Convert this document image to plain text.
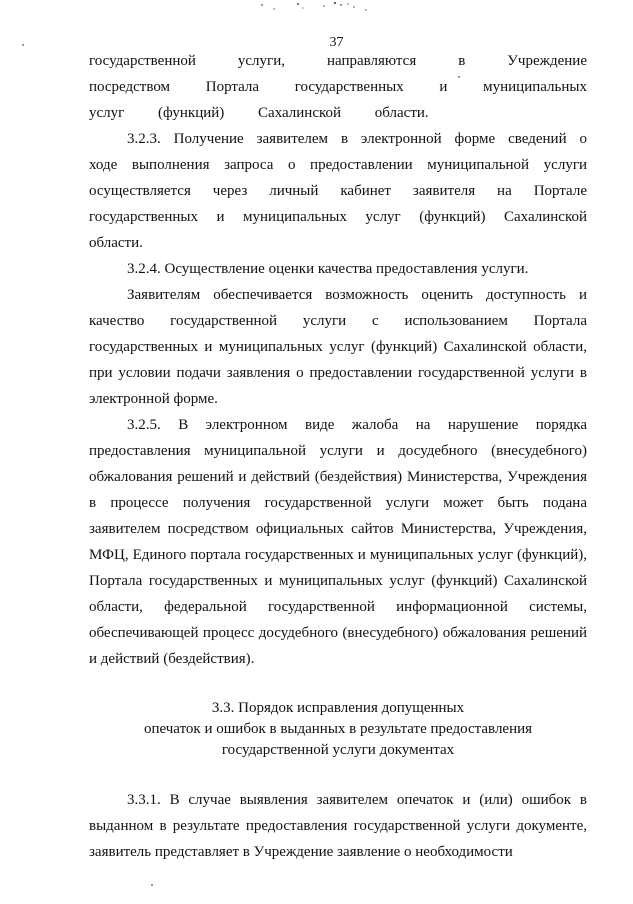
37

государственной услуги, направляются в Учреждение посредством Портала государственных и муниципальных услуг (функций) Сахалинской области.

3.2.3. Получение заявителем в электронной форме сведений о ходе выполнения запроса о предоставлении муниципальной услуги осуществляется через личный кабинет заявителя на Портале государственных и муниципальных услуг (функций) Сахалинской области.

3.2.4. Осуществление оценки качества предоставления услуги.

Заявителям обеспечивается возможность оценить доступность и качество государственной услуги с использованием Портала государственных и муниципальных услуг (функций) Сахалинской области, при условии подачи заявления о предоставлении государственной услуги в электронной форме.

3.2.5. В электронном виде жалоба на нарушение порядка предоставления муниципальной услуги и досудебного (внесудебного) обжалования решений и действий (бездействия) Министерства, Учреждения в процессе получения государственной услуги может быть подана заявителем посредством официальных сайтов Министерства, Учреждения, МФЦ, Единого портала государственных и муниципальных услуг (функций), Портала государственных и муниципальных услуг (функций) Сахалинской области, федеральной государственной информационной системы, обеспечивающей процесс досудебного (внесудебного) обжалования решений и действий (бездействия).

3.3. Порядок исправления допущенных
опечаток и ошибок в выданных в результате предоставления
государственной услуги документах

3.3.1. В случае выявления заявителем опечаток и (или) ошибок в выданном в результате предоставления государственной услуги документе, заявитель представляет в Учреждение заявление о необходимости
